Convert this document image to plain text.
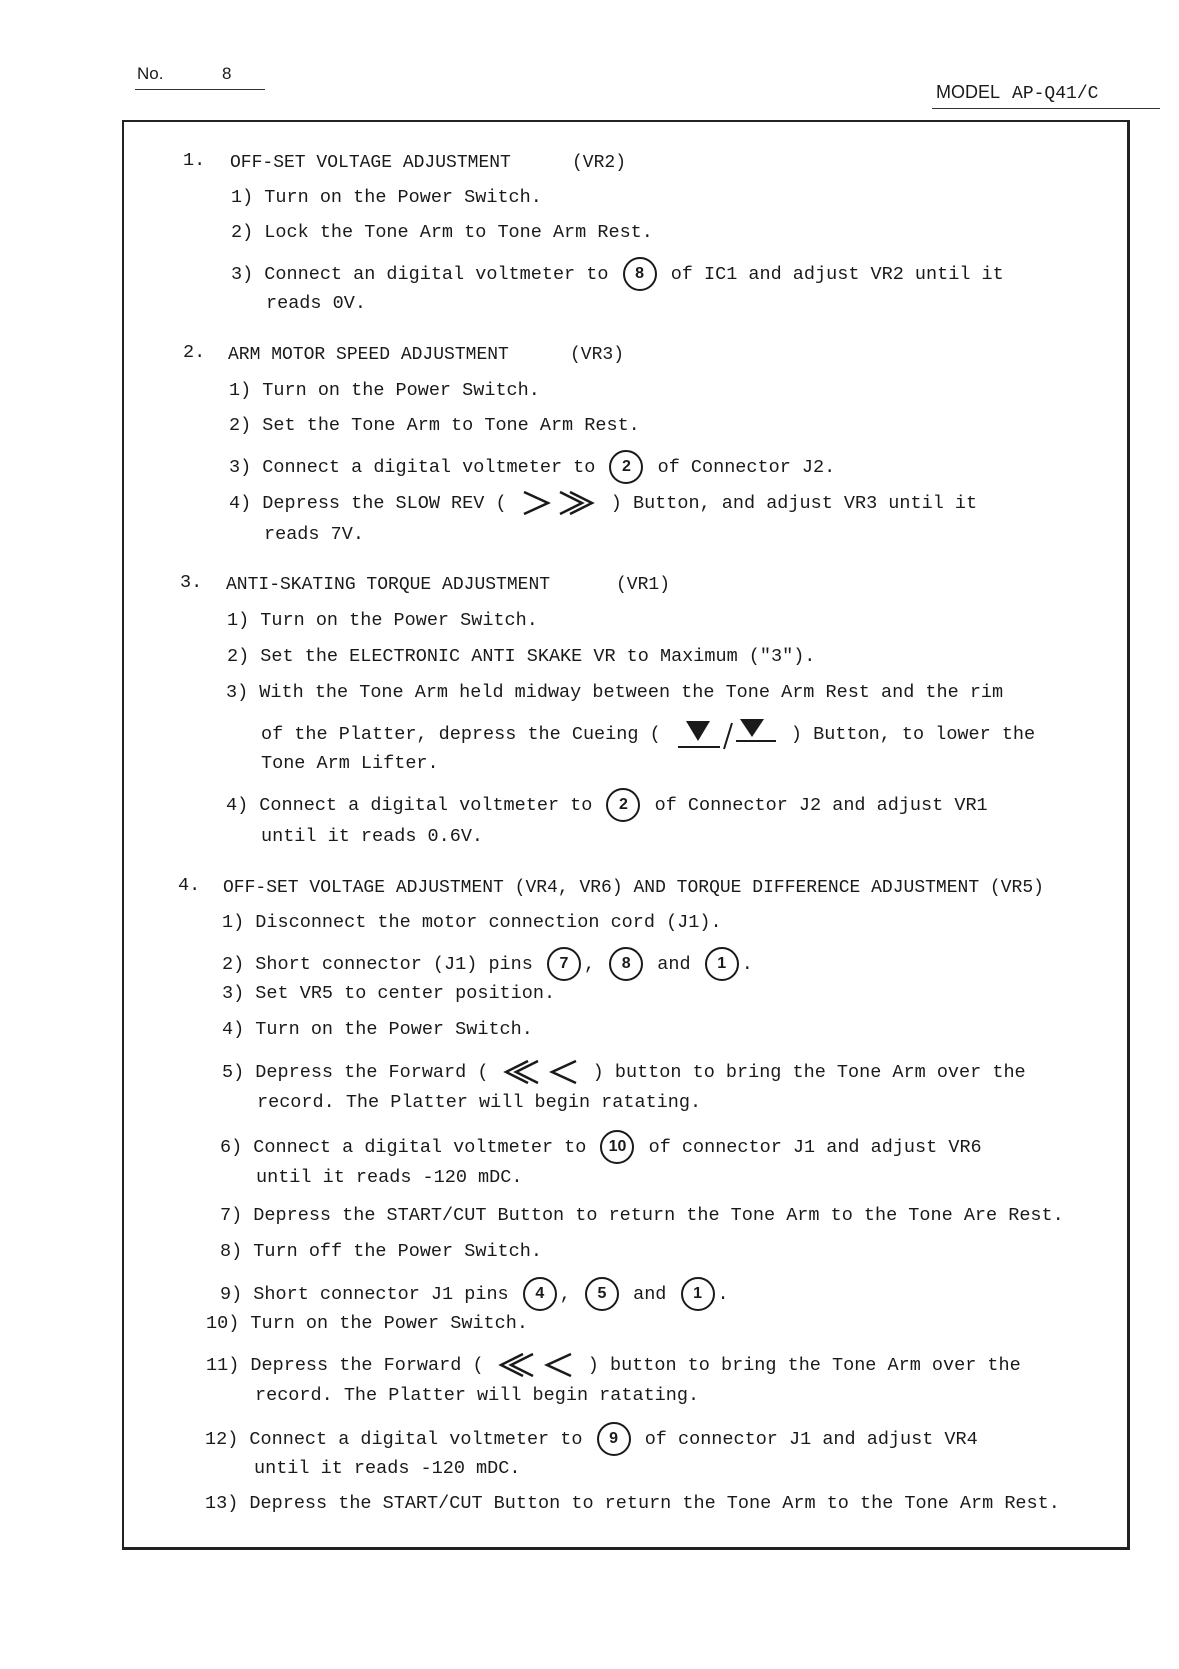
No.	8
MODEL AP-Q41/C
1. OFF-SET VOLTAGE ADJUSTMENT	(VR2)
1) Turn on the Power Switch.
2) Lock the Tone Arm to Tone Arm Rest.
3) Connect an digital voltmeter to 8 of IC1 and adjust VR2 until it
reads 0V.
2. ARM MOTOR SPEED ADJUSTMENT	(VR3)
1) Turn on the Power Switch.
2) Set the Tone Arm to Tone Arm Rest.
3) Connect a digital voltmeter to 2 of Connector J2.
4) Depress the SLOW REV (	) Button, and adjust VR3 until it
reads 7V.
3. ANTI-SKATING TORQUE ADJUSTMENT	(VR1)
1) Turn on the Power Switch.
2) Set the ELECTRONIC ANTI SKAKE VR to Maximum ("3").
3) With the Tone Arm held midway between the Tone Arm Rest and the rim
of the Platter, depress the Cueing (	) Button, to lower the
Tone Arm Lifter.
4) Connect a digital voltmeter to 2 of Connector J2 and adjust VR1
until it reads 0.6V.
4. OFF-SET VOLTAGE ADJUSTMENT (VR4, VR6) AND TORQUE DIFFERENCE ADJUSTMENT (VR5)
1) Disconnect the motor connection cord (J1).
2) Short connector (J1) pins 7 , 8 and 1 .
3) Set VR5 to center position.
4) Turn on the Power Switch.
5) Depress the Forward (	) button to bring the Tone Arm over the
record. The Platter will begin ratating.
6) Connect a digital voltmeter to 10 of connector J1 and adjust VR6
until it reads -120 mDC.
7) Depress the START/CUT Button to return the Tone Arm to the Tone Are Rest.
8) Turn off the Power Switch.
9) Short connector J1 pins 4 , 5 and 1 .
10) Turn on the Power Switch.
11) Depress the Forward (	) button to bring the Tone Arm over the
record. The Platter will begin ratating.
12) Connect a digital voltmeter to 9 of connector J1 and adjust VR4
until it reads -120 mDC.
13) Depress the START/CUT Button to return the Tone Arm to the Tone Arm Rest.
